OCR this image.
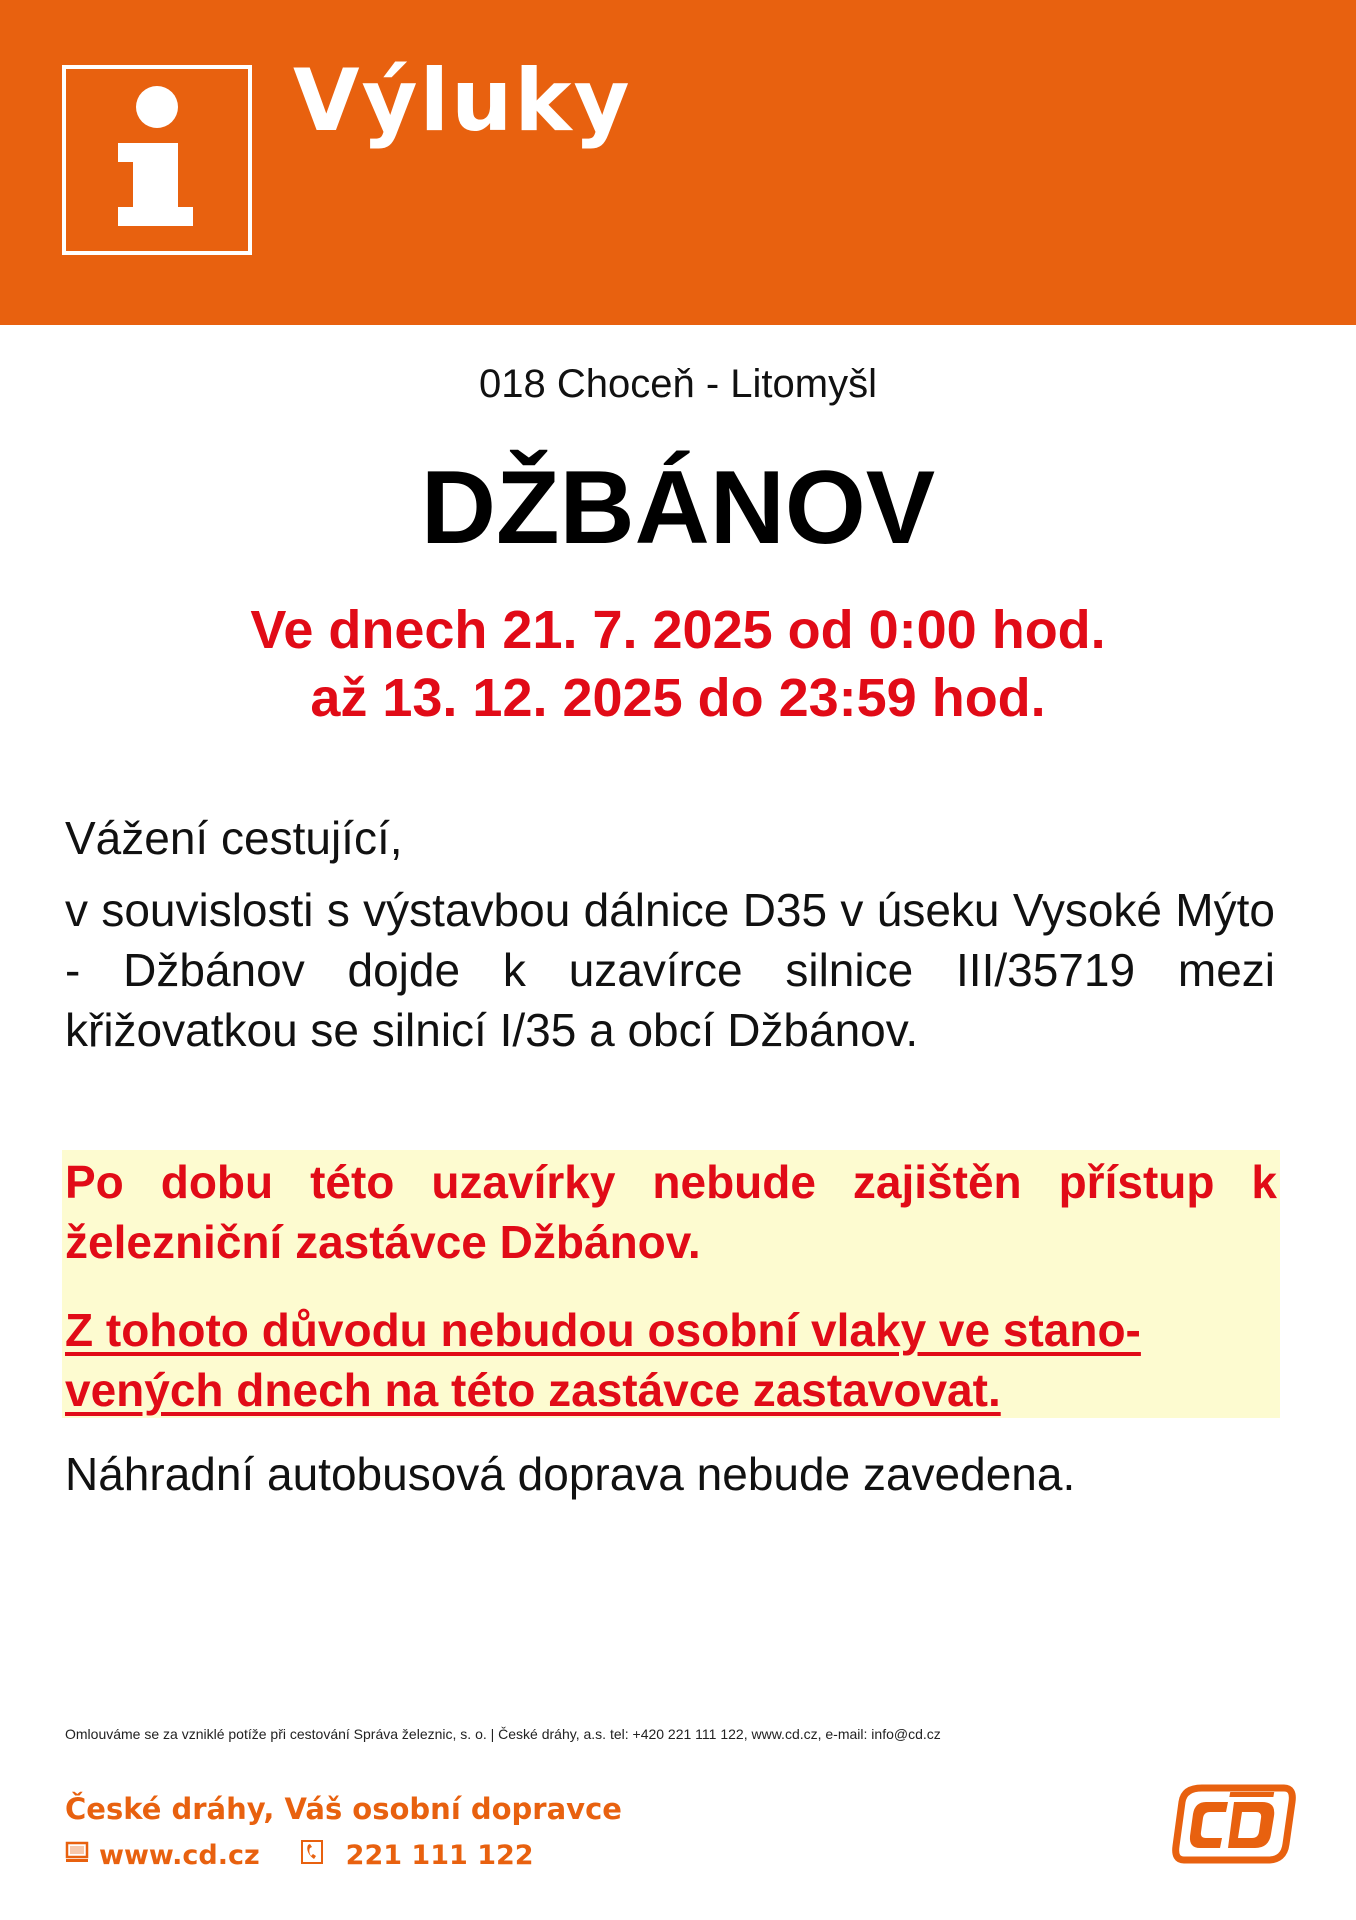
Výluky
018 Choceň - Litomyšl
DŽBÁNOV
Ve dnech 21. 7. 2025 od 0:00 hod.
až 13. 12. 2025 do 23:59 hod.
Vážení cestující,
v souvislosti s výstavbou dálnice D35 v úseku Vysoké Mýto - Džbánov dojde k uzavírce silnice III/35719 mezi křižovatkou se silnicí I/35 a obcí Džbánov.
Po dobu této uzavírky nebude zajištěn přístup k železniční zastávce Džbánov.
Z tohoto důvodu nebudou osobní vlaky ve stano-vených dnech na této zastávce zastavovat.
Náhradní autobusová doprava nebude zavedena.
Omlouváme se za vzniklé potíže při cestování Správa železnic, s. o. | České dráhy, a.s. tel: +420 221 111 122, www.cd.cz, e-mail: info@cd.cz
České dráhy, Váš osobní dopravce
www.cd.cz	221 111 122
